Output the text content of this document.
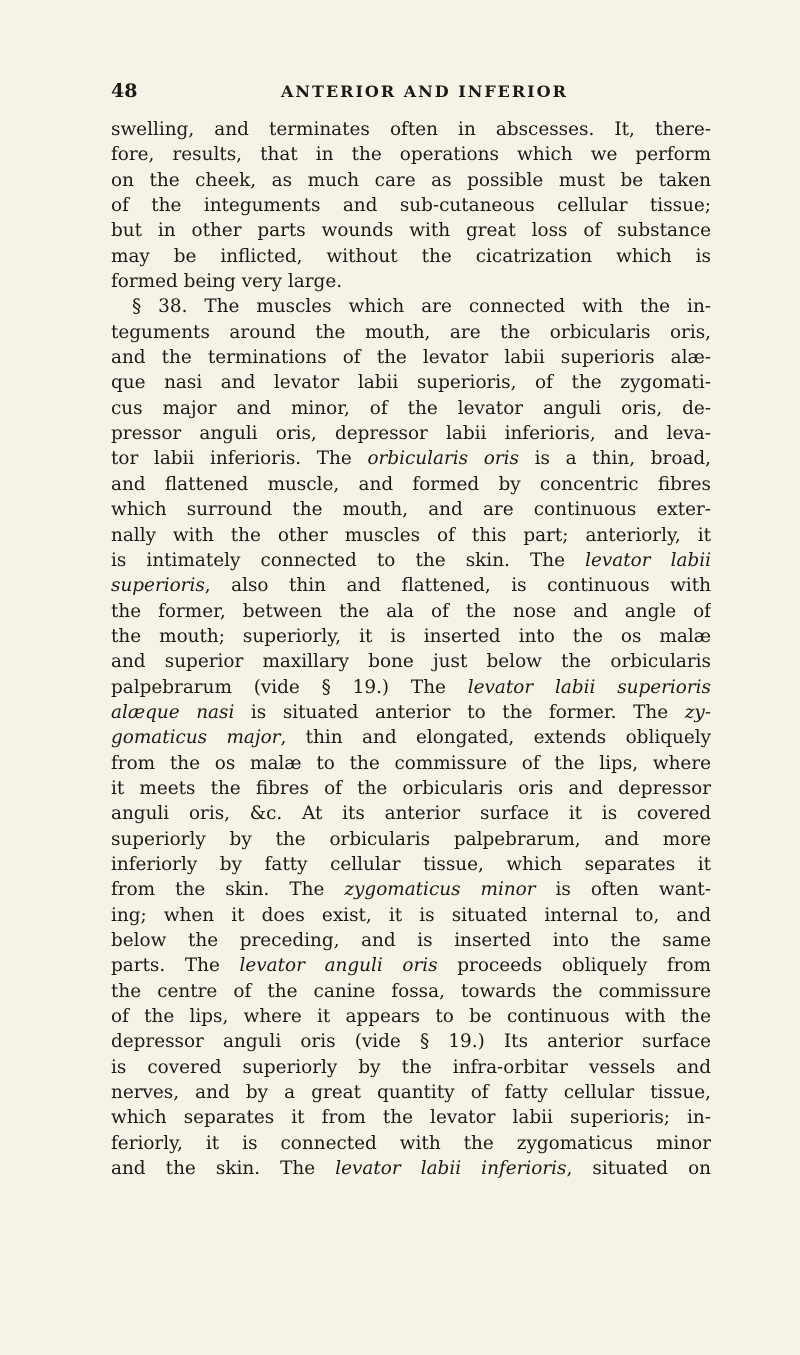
48	ANTERIOR AND INFERIOR
swelling, and terminates often in abscesses. It, there-
fore, results, that in the operations which we perform
on the cheek, as much care as possible must be taken
of the integuments and sub-cutaneous cellular tissue;
but in other parts wounds with great loss of substance
may be inflicted, without the cicatrization which is
formed being very large.
§ 38. The muscles which are connected with the in-
teguments around the mouth, are the orbicularis oris,
and the terminations of the levator labii superioris alæ-
que nasi and levator labii superioris, of the zygomati-
cus major and minor, of the levator anguli oris, de-
pressor anguli oris, depressor labii inferioris, and leva-
tor labii inferioris. The orbicularis oris is a thin, broad,
and flattened muscle, and formed by concentric fibres
which surround the mouth, and are continuous exter-
nally with the other muscles of this part; anteriorly, it
is intimately connected to the skin. The levator labii
superioris, also thin and flattened, is continuous with
the former, between the ala of the nose and angle of
the mouth; superiorly, it is inserted into the os malæ
and superior maxillary bone just below the orbicularis
palpebrarum (vide § 19.) The levator labii superioris
alæque nasi is situated anterior to the former. The zy-
gomaticus major, thin and elongated, extends obliquely
from the os malæ to the commissure of the lips, where
it meets the fibres of the orbicularis oris and depressor
anguli oris, &c. At its anterior surface it is covered
superiorly by the orbicularis palpebrarum, and more
inferiorly by fatty cellular tissue, which separates it
from the skin. The zygomaticus minor is often want-
ing; when it does exist, it is situated internal to, and
below the preceding, and is inserted into the same
parts. The levator anguli oris proceeds obliquely from
the centre of the canine fossa, towards the commissure
of the lips, where it appears to be continuous with the
depressor anguli oris (vide § 19.) Its anterior surface
is covered superiorly by the infra-orbitar vessels and
nerves, and by a great quantity of fatty cellular tissue,
which separates it from the levator labii superioris; in-
feriorly, it is connected with the zygomaticus minor
and the skin. The levator labii inferioris, situated on
